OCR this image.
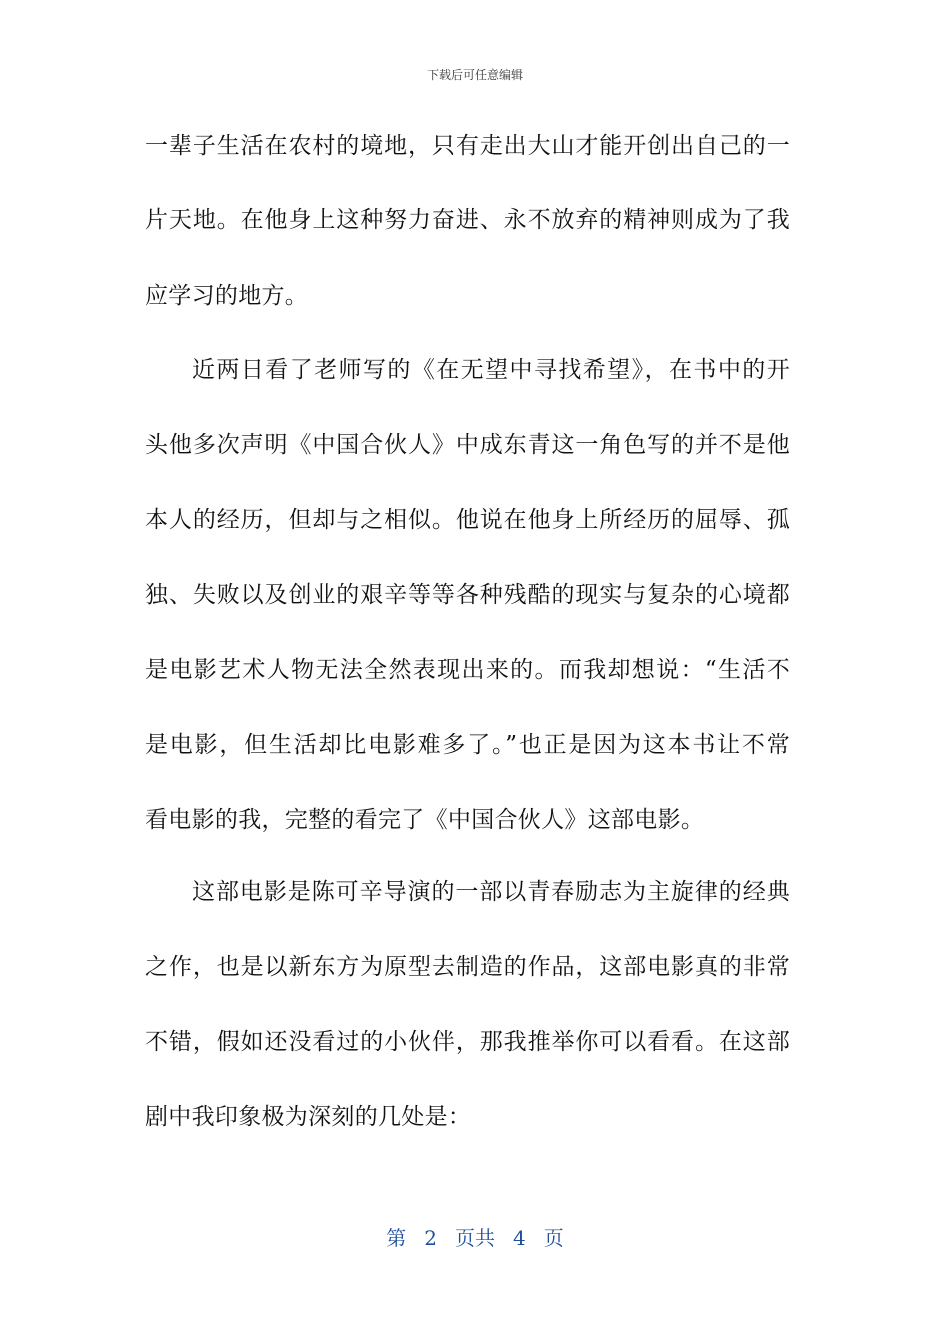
下载后可任意编辑
一辈子生活在农村的境地，只有走出大山才能开创出自己的一
片天地。在他身上这种努力奋进、永不放弃的精神则成为了我
应学习的地方。
近两日看了老师写的《在无望中寻找希望》，在书中的开
头他多次声明《中国合伙人》中成东青这一角色写的并不是他
本人的经历，但却与之相似。他说在他身上所经历的屈辱、孤
独、失败以及创业的艰辛等等各种残酷的现实与复杂的心境都
是电影艺术人物无法全然表现出来的。而我却想说：“生活不
是电影，但生活却比电影难多了。”也正是因为这本书让不常
看电影的我，完整的看完了《中国合伙人》这部电影。
这部电影是陈可辛导演的一部以青春励志为主旋律的经典
之作，也是以新东方为原型去制造的作品，这部电影真的非常
不错，假如还没看过的小伙伴，那我推举你可以看看。在这部
剧中我印象极为深刻的几处是：
第 2 页共 4 页
